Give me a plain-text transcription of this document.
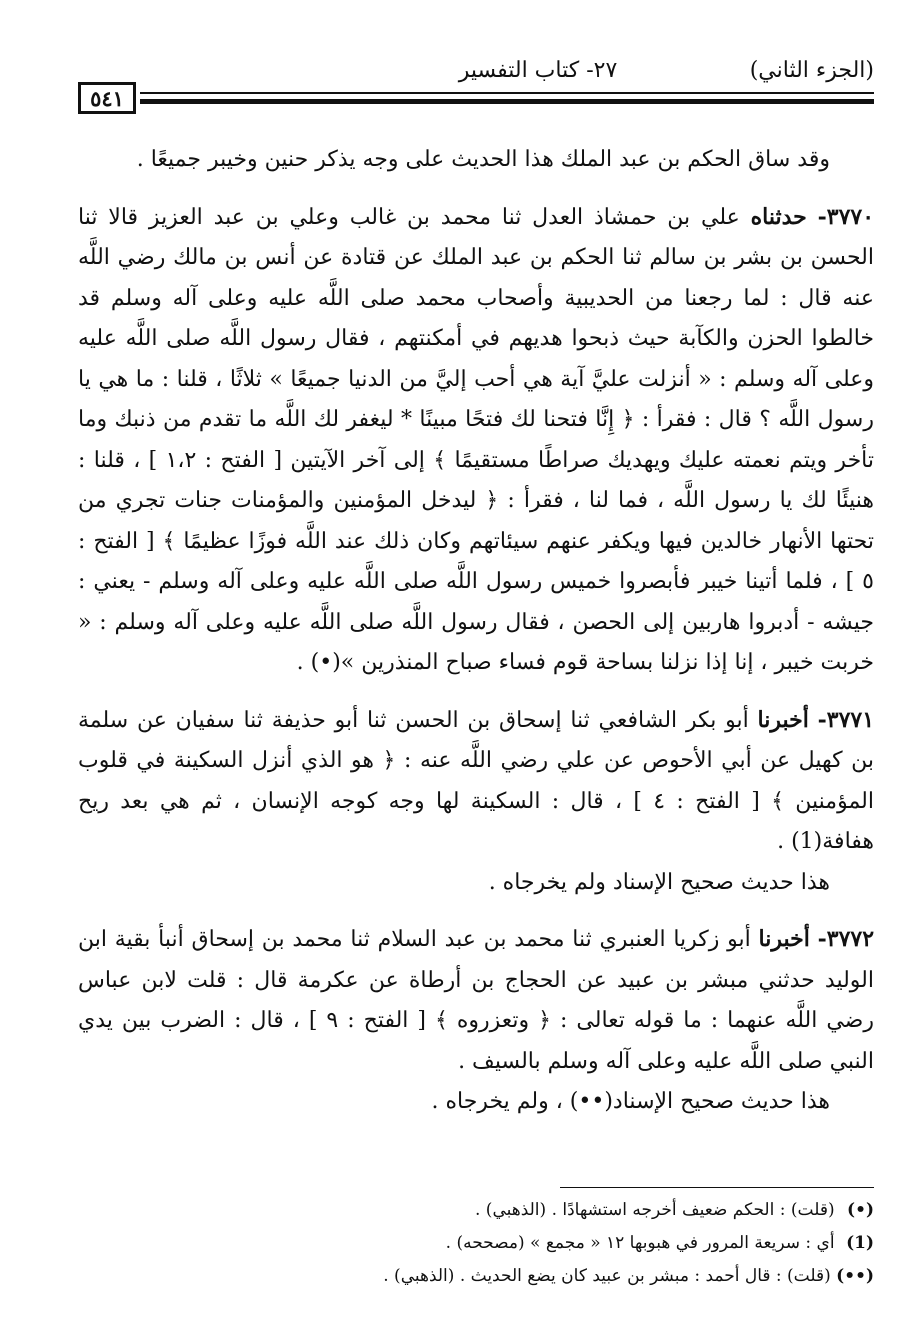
(الجزء الثاني)
٢٧- كتاب التفسير
٥٤١

وقد ساق الحكم بن عبد الملك هذا الحديث على وجه يذكر حنين وخيبر جميعًا .

٣٧٧٠- حدثناه علي بن حمشاذ العدل ثنا محمد بن غالب وعلي بن عبد العزيز قالا ثنا الحسن بن بشر بن سالم ثنا الحكم بن عبد الملك عن قتادة عن أنس بن مالك رضي اللَّه عنه قال : لما رجعنا من الحديبية وأصحاب محمد صلى اللَّه عليه وعلى آله وسلم قد خالطوا الحزن والكآبة حيث ذبحوا هديهم في أمكنتهم ، فقال رسول اللَّه صلى اللَّه عليه وعلى آله وسلم : « أنزلت عليَّ آية هي أحب إليَّ من الدنيا جميعًا » ثلاثًا ، قلنا : ما هي يا رسول اللَّه ؟ قال : فقرأ : ﴿ إِنَّا فتحنا لك فتحًا مبينًا * ليغفر لك اللَّه ما تقدم من ذنبك وما تأخر ويتم نعمته عليك ويهديك صراطًا مستقيمًا ﴾ إلى آخر الآيتين [ الفتح : ١،٢ ] ، قلنا : هنيئًا لك يا رسول اللَّه ، فما لنا ، فقرأ : ﴿ ليدخل المؤمنين والمؤمنات جنات تجري من تحتها الأنهار خالدين فيها ويكفر عنهم سيئاتهم وكان ذلك عند اللَّه فوزًا عظيمًا ﴾ [ الفتح : ٥ ] ، فلما أتينا خيبر فأبصروا خميس رسول اللَّه صلى اللَّه عليه وعلى آله وسلم - يعني : جيشه - أدبروا هاربين إلى الحصن ، فقال رسول اللَّه صلى اللَّه عليه وعلى آله وسلم : « خربت خيبر ، إنا إذا نزلنا بساحة قوم فساء صباح المنذرين »(•) .

٣٧٧١- أخبرنا أبو بكر الشافعي ثنا إسحاق بن الحسن ثنا أبو حذيفة ثنا سفيان عن سلمة بن كهيل عن أبي الأحوص عن علي رضي اللَّه عنه : ﴿ هو الذي أنزل السكينة في قلوب المؤمنين ﴾ [ الفتح : ٤ ] ، قال : السكينة لها وجه كوجه الإنسان ، ثم هي بعد ريح هفافة(1) .

هذا حديث صحيح الإسناد ولم يخرجاه .

٣٧٧٢- أخبرنا أبو زكريا العنبري ثنا محمد بن عبد السلام ثنا محمد بن إسحاق أنبأ بقية ابن الوليد حدثني مبشر بن عبيد عن الحجاج بن أرطاة عن عكرمة قال : قلت لابن عباس رضي اللَّه عنهما : ما قوله تعالى : ﴿ وتعزروه ﴾ [ الفتح : ٩ ] ، قال : الضرب بين يدي النبي صلى اللَّه عليه وعلى آله وسلم بالسيف .

هذا حديث صحيح الإسناد(••) ، ولم يخرجاه .

(•) (قلت) : الحكم ضعيف أخرجه استشهادًا . (الذهبي) .
(1) أي : سريعة المرور في هبوبها ١٢ « مجمع » (مصححه) .
(••) (قلت) : قال أحمد : مبشر بن عبيد كان يضع الحديث . (الذهبي) .
